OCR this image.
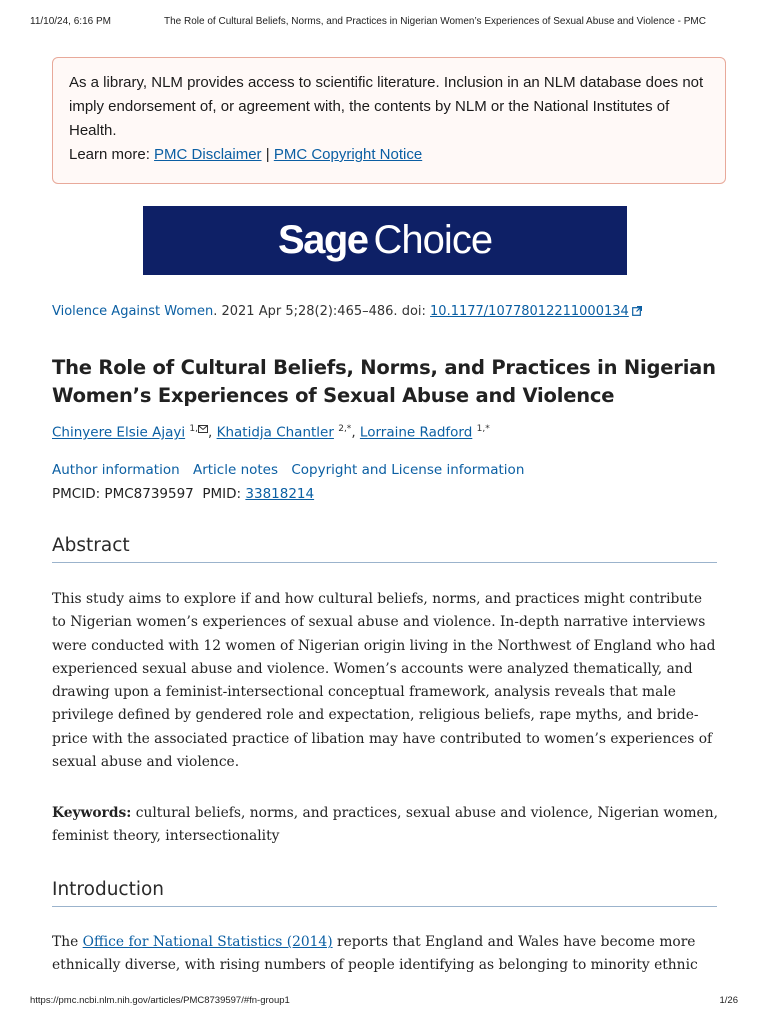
11/10/24, 6:16 PM	The Role of Cultural Beliefs, Norms, and Practices in Nigerian Women’s Experiences of Sexual Abuse and Violence - PMC
As a library, NLM provides access to scientific literature. Inclusion in an NLM database does not imply endorsement of, or agreement with, the contents by NLM or the National Institutes of Health.
Learn more: PMC Disclaimer | PMC Copyright Notice
Sage Choice
Violence Against Women. 2021 Apr 5;28(2):465–486. doi: 10.1177/10778012211000134
The Role of Cultural Beliefs, Norms, and Practices in Nigerian Women’s Experiences of Sexual Abuse and Violence
Chinyere Elsie Ajayi $^{1,}$ , Khatidja Chantler $^{2,*}$, Lorraine Radford $^{1,*}$
Author information Article notes Copyright and License information
PMCID: PMC8739597 PMID: 33818214
Abstract

This study aims to explore if and how cultural beliefs, norms, and practices might contribute to Nigerian women’s experiences of sexual abuse and violence. In-depth narrative interviews were conducted with 12 women of Nigerian origin living in the Northwest of England who had experienced sexual abuse and violence. Women’s accounts were analyzed thematically, and drawing upon a feminist-intersectional conceptual framework, analysis reveals that male privilege defined by gendered role and expectation, religious beliefs, rape myths, and bride-price with the associated practice of libation may have contributed to women’s experiences of sexual abuse and violence.

Keywords: cultural beliefs, norms, and practices, sexual abuse and violence, Nigerian women, feminist theory, intersectionality

Introduction

The Office for National Statistics (2014) reports that England and Wales have become more ethnically diverse, with rising numbers of people identifying as belonging to minority ethnic

https://pmc.ncbi.nlm.nih.gov/articles/PMC8739597/#fn-group1	1/26
